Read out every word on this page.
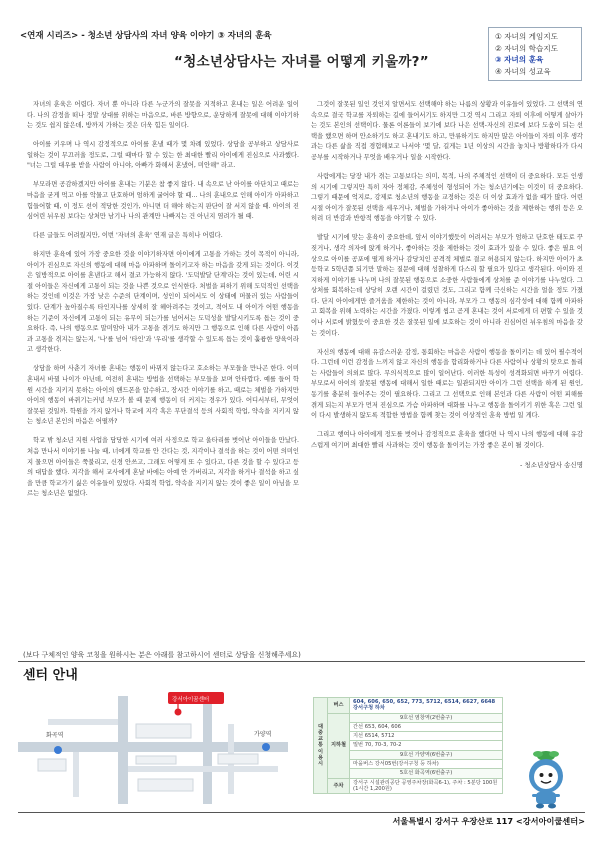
<연재 시리즈> - 청소년 상담사의 자녀 양육 이야기 ③ 자녀의 훈육	① 자녀의 게임지도
② 자녀의 학습지도
③ 자녀의 훈육
④ 자녀의 성교육
“청소년상담사는 자녀를 어떻게 키울까?”

자녀의 훈육은 어렵다. 자녀 뿐 아니라 다른 누군가의 잘못을 지적하고 혼내는 일은 어려운 일이다. 나의 감정을 떠나 정말 상대를 위하는 마음으로, 바른 방향으로, 운당하게 잘못에 대해 이야기하는 것도 쉽지 않은데, 방까지 가하는 것은 더욱 힘든 일이다.

아이를 키우며 나 역시 감정적으로 아이를 혼낼 때가 몇 차례 있었다. 상담을 공부하고 상담사로 일하는 것이 무끄러울 정도로, 그럴 때마다 할 수 있는 한 최대한 빨리 아이에게 진심으로 사과했다. "너는 그럴 대우를 받을 사람이 아니야, 아빠가 화해서 혼냈어, 미안해" 라고.

부모라면 공감하겠지만 아이를 혼내는 기분은 참 좋지 않다. 내 속으로 난 아이를 아단치고 때로는 마음을 굳게 먹고 아를 악물고 단호하며 엄하게 굴어야 할 때... 나의 훈내으로 인해 아이가 아파하고 힘들어할 때, 이 정도 선이 적당한 것인가, 아니면 더 해야 하는지 판단이 잘 서지 않을 때. 아이의 진심어린 뉘우침 보다는 상처만 남기나 나의 관계만 나빠지는 건 아닌지 염려가 될 때.

다른 글들도 어려웠지만, 이번 '자녀의 훈육' 연재 글은 특히나 어렵다.

하지만 훈육에 있어 가장 중요한 것을 이야기하자면 아이에게 고통을 가하는 것이 목적이 아니라, 아이가 진심으로 자신의 행동에 대해 마음 아파하며 돌이키고자 하는 마음을 갖게 되는 것이다. 이것은 일방적으로 아이를 혼낸다고 해서 결코 가능하지 않다. '도덕발달 단계'라는 것이 있는데, 어린 시절 아이들은 자신에게 고통이 되는 것을 나쁜 것으로 인식한다. 처벌을 피하기 위해 도덕적인 선택을 하는 것인데 이것은 가장 낮은 수준의 단계이며, 성인이 되어서도 이 상태에 머물러 있는 사람들이 있다. 단계가 높아질수록 타인지나를 상세히 잘 헤아려주는 것이고, 적어도 내 아이가 어떤 행동을 하는 기준이 자신에게 고통이 되는 유무이 되는가를 넘어서는 도덕성을 발달시키도록 돕는 것이 중요하다. 즉, 나의 행동으로 말미암아 내가 고통을 겪기도 하지만 그 행동으로 인해 다른 사람이 아픔과 고통을 겪지는 않는지, '나'를 넘어 '타인'과 '우리'를 생각할 수 있도록 돕는 것이 훌륭한 양육이라고 생각한다.

상담을 하며 사춘기 자녀를 혼내는 행동이 바뀌지 않는다고 호소하는 부모들을 만나곤 한다. 이미 혼내서 바뀔 나이가 아닌데, 여전히 혼내는 방법을 선택하는 부모들을 보며 안타깝다. 예를 들어 학원 시간을 지키지 못하는 아이의 핸드폰을 압수하고, 장시간 이야기를 하고, 때로는 체벌을 가하지만 아이의 행동이 바뀌기는커녕 부모가 볼 때 문제 행동이 더 커지는 경우가 있다. 어디서부터, 무엇이 잘못된 것일까. 학원을 가지 않거나 학교에 지각 혹은 무단결석 등의 사회적 학업, 약속을 지키지 않는 청소년 본인의 마음은 어떨까?

학교 밖 청소년 지원 사업을 담당한 시기에 여러 사정으로 학교 울타리를 벗어난 아이들을 만났다. 처음 만나서 이야기를 나눌 때, 너에게 학교를 안 간다는 것, 지각이나 결석을 하는 것이 어떤 의미인지 물으면 아이들은 쭉불리고, 신경 안쓰고, 그래도 어떻게 또 수 있다고, 다른 것을 할 수 있다고 등의 대답을 했다. 지각을 해서 교사에게 혼날 바에는 아예 안 가버리고, 지각을 하거나 결석을 하고 싶을 만큼 학교가기 싫은 이유들이 있었다. 사회적 학업, 약속을 지키지 않는 것이 좋은 일이 아님을 모르는 청소년은 없었다.

그것이 잘못된 일인 것인지 알면서도 선택해야 하는 나름의 상황과 이유들이 있었다. 그 선택의 연속으로 결국 학교를 자퇴하는 길에 들어서기도 하지만 그것 역시 그리고 자퇴 이후에 어떻게 살아가는 것도 본인의 선택이다. 물론 이론들이 보기에 보다 나은 선택-자신의 진로에 보다 도움이 되는 선택을 했으면 하며 안소하기도 하고 혼내기도 하고, 만류하기도 하지만 많은 아이들이 자퇴 이후 생각과는 다른 삶을 직접 경험해보고 나서야 '몇 달, 길게는 1년 이상의 시간을 놓치나 방황하다가 다시 공부를 시작하거나 무엇을 배우거나 일을 시작한다.

사람에게는 당장 내가 겪는 고통보다는 의미, 목적, 나의 주체적인 선택이 더 중요하다. 모든 인생의 시기에 그렇지만 특히 자아 정체감, 주체성이 형성되어 가는 청소년기에는 이것이 더 중요하다. 그렇기 때문에 억지로, 강제로 청소년의 행동을 교정하는 것은 더 이상 효과가 없을 때가 많다. 어린 시절 아이가 잘못된 선택을 세우거나, 체벌을 가하거나 아이가 좋아하는 것을 제한하는 행위 등은 오히려 더 반감과 반항적 행동을 야기할 수 있다.

발달 시기에 맞는 훈육이 중요한데, 앞서 이야기했듯이 어려서는 부모가 엄하고 단호한 태도로 꾸짖거나, 생각 의자에 앉게 하거나, 좋아하는 것을 제한하는 것이 효과가 있을 수 있다. 좋은 필요 이상으로 아이를 공포에 떨게 하거나 감당치인 공격적 체벌로 결코 허용되지 않는다. 하지만 아이가 초등학교 5학년쯤 되기만 말하는 질문에 대해 성찰하게 다스리 할 필요가 있다고 생각된다. 아이와 진지하게 이야기를 나누며 나의 잘못된 행동으로 소중한 사람들에게 상처를 준 이야기를 나누었다. 그 상처를 회복하는데 상당히 오랜 시간이 걸렸던 것도, 그리고 함께 극신하는 시간을 얼을 정도 가졌다. 단지 아이에게만 즐거움을 제한하는 것이 아니라, 부모가 그 행동의 심각성에 대해 함께 아파하고 회복을 위해 노력하는 시간을 가졌다. 이렇게 씹고 곧게 혼내는 것이 서로에게 더 편할 수 있을 것이나 서로에 밝혔듯이 중요한 것은 잘못된 일에 보호하는 것이 아니라 진심어린 뉘우침의 마음을 갖는 것이다.

자신의 행동에 대해 유감스러운 감정, 통회하는 마음은 사람이 행동을 돌이키는 데 있어 필수적이다. 그런데 이런 감정을 느끼지 않고 자신의 행동을 합리화하거나 다른 사람이나 상황의 탓으로 돌리는 사람들이 의외로 많다. 무의식적으로 많이 일어난다. 이러한 특성이 성격화되면 바꾸기 어렵다. 부모로서 아이의 잘못된 행동에 대해서 일한 때로는 일관되지만 아이가 그런 선택을 하게 된 원인, 동기를 충분히 들어주는 것이 필요하다. 그리고 그 선택으로 인해 본인과 다른 사람이 어떤 피해를 겪게 되는지 부모가 먼저 진심으로 가슴 아파하며 대화를 나누고 행동을 돌이키기 위한 혹은 그런 일이 다시 발생하지 않도록 적합한 방법을 함께 찾는 것이 이상적인 훈육 방법 일 게다.

그리고 행여나 아이에게 정도를 벗어나 감정적으로 훈육을 했다면 나 역시 나의 행동에 대해 유감스럽게 여기며 최대한 빨리 사과하는 것이 행동을 돌이키는 가장 좋은 본이 될 것이다.

- 청소년상담사 송신명
(보다 구체적인 양육 코칭을 원하시는 분은 아래를 참고하시어 센터로 상담을 신청해주세요)
센터 안내
화곡역	가양역
강서아이꿈센터
대중교통이용시	버스	604, 606, 650, 652, 773, 5712, 6514, 6627, 6648 강서구청 하차
	지하철	9호선 염창역(2번출구)
		간선 653, 604, 606
		지선 6514, 5712
		밀번 70, 70-3, 70-2
		9호선 가양역(6번출구)
		마을버스 강서05번(강서구청 등 하차)
		5호선 화곡역(6번출구)
	주차	강서구 시설관리공단 공영주차장(화곡6-1), 주차 : 5분당 100원(1시간 1,200원)
서울특별시 강서구 우장산로 117 <강서아이쿱센터>
